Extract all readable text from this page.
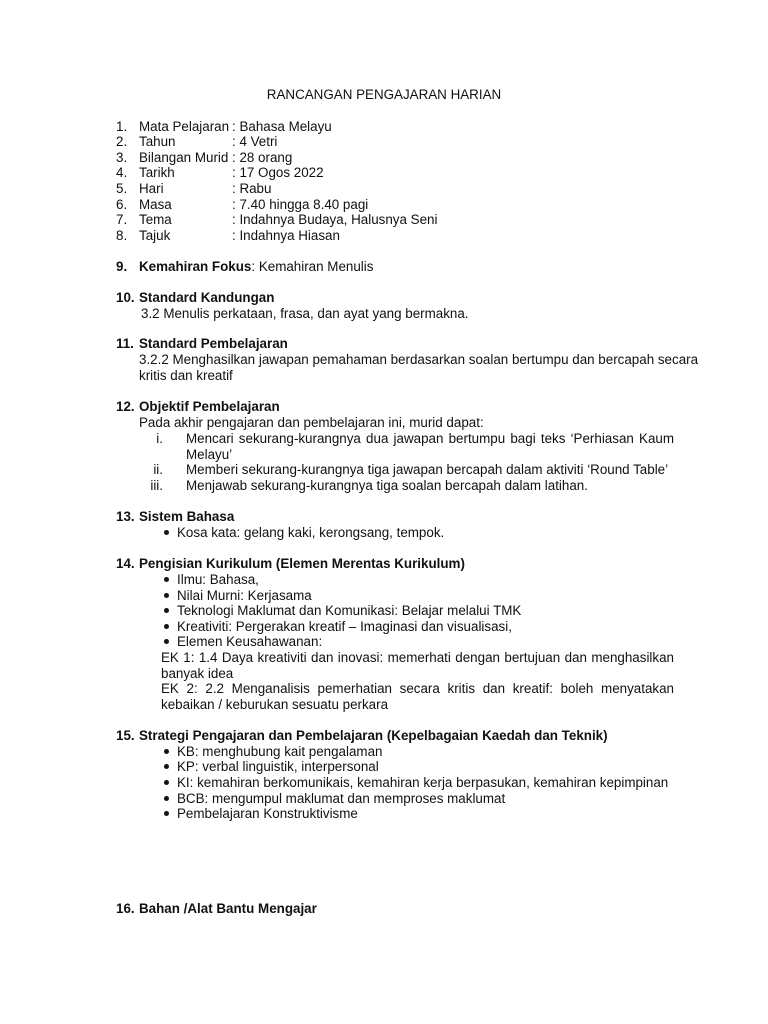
RANCANGAN PENGAJARAN HARIAN
1. Mata Pelajaran : Bahasa Melayu
2. Tahun	: 4 Vetri
3. Bilangan Murid : 28 orang
4. Tarikh	: 17 Ogos 2022
5. Hari	: Rabu
6. Masa	: 7.40 hingga 8.40 pagi
7. Tema	: Indahnya Budaya, Halusnya Seni
8. Tajuk	: Indahnya Hiasan
9. Kemahiran Fokus: Kemahiran Menulis
10. Standard Kandungan
3.2 Menulis perkataan, frasa, dan ayat yang bermakna.
11. Standard Pembelajaran
3.2.2 Menghasilkan jawapan pemahaman berdasarkan soalan bertumpu dan bercapah secara
kritis dan kreatif
12. Objektif Pembelajaran
Pada akhir pengajaran dan pembelajaran ini, murid dapat:
i. Mencari sekurang-kurangnya dua jawapan bertumpu bagi teks ‘Perhiasan Kaum Melayu’
ii. Memberi sekurang-kurangnya tiga jawapan bercapah dalam aktiviti ‘Round Table’
iii. Menjawab sekurang-kurangnya tiga soalan bercapah dalam latihan.
13. Sistem Bahasa
Kosa kata: gelang kaki, kerongsang, tempok.
14. Pengisian Kurikulum (Elemen Merentas Kurikulum)
Ilmu: Bahasa,
Nilai Murni: Kerjasama
Teknologi Maklumat dan Komunikasi: Belajar melalui TMK
Kreativiti: Pergerakan kreatif – Imaginasi dan visualisasi,
Elemen Keusahawanan:
EK 1: 1.4 Daya kreativiti dan inovasi: memerhati dengan bertujuan dan menghasilkan
banyak idea
EK 2: 2.2 Menganalisis pemerhatian secara kritis dan kreatif: boleh menyatakan
kebaikan / keburukan sesuatu perkara
15. Strategi Pengajaran dan Pembelajaran (Kepelbagaian Kaedah dan Teknik)
KB: menghubung kait pengalaman
KP: verbal linguistik, interpersonal
KI: kemahiran berkomunikais, kemahiran kerja berpasukan, kemahiran kepimpinan
BCB: mengumpul maklumat dan memproses maklumat
Pembelajaran Konstruktivisme
16. Bahan /Alat Bantu Mengajar
